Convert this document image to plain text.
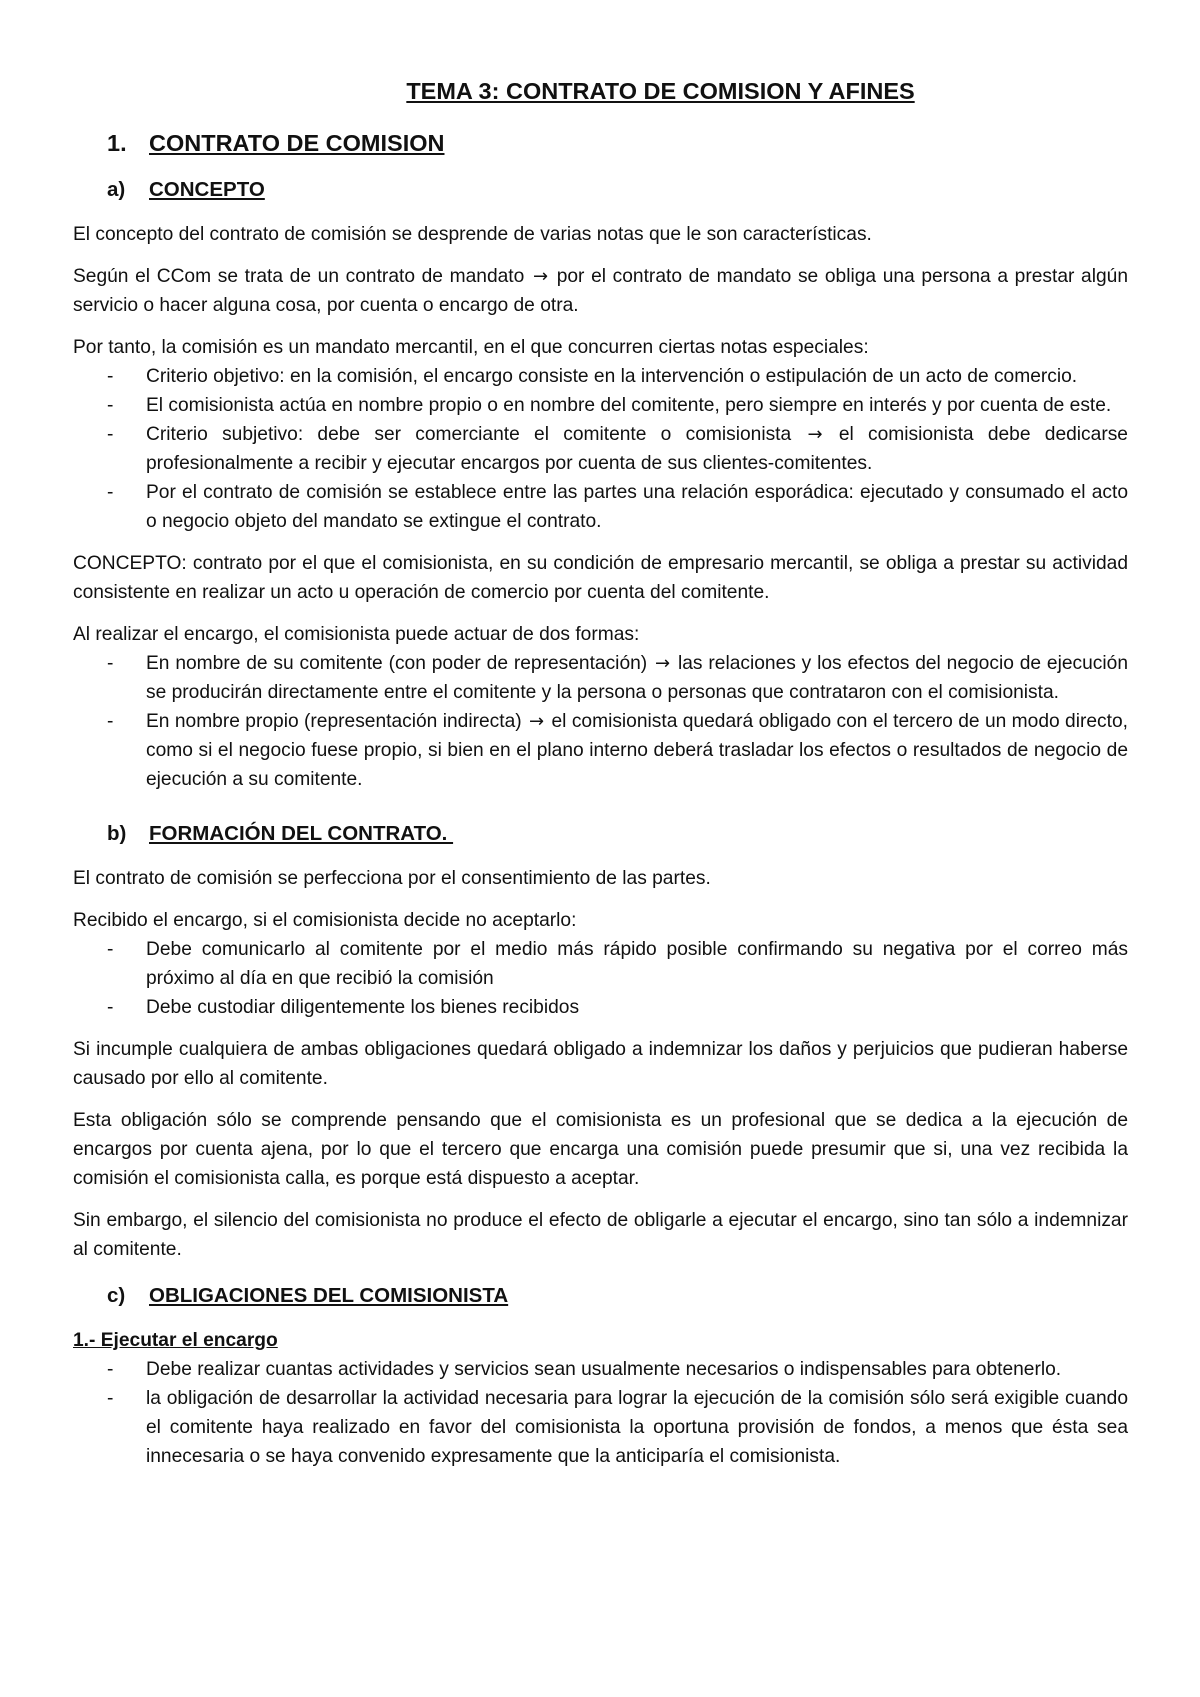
TEMA 3: CONTRATO DE COMISION Y AFINES
1. CONTRATO DE COMISION
a)	CONCEPTO

El concepto del contrato de comisión se desprende de varias notas que le son características.

Según el CCom se trata de un contrato de mandato → por el contrato de mandato se obliga una persona a prestar algún servicio o hacer alguna cosa, por cuenta o encargo de otra.

Por tanto, la comisión es un mandato mercantil, en el que concurren ciertas notas especiales:

- Criterio objetivo: en la comisión, el encargo consiste en la intervención o estipulación de un acto de comercio.
- El comisionista actúa en nombre propio o en nombre del comitente, pero siempre en interés y por cuenta de este.
- Criterio subjetivo: debe ser comerciante el comitente o comisionista → el comisionista debe dedicarse profesionalmente a recibir y ejecutar encargos por cuenta de sus clientes-comitentes.
- Por el contrato de comisión se establece entre las partes una relación esporádica: ejecutado y consumado el acto o negocio objeto del mandato se extingue el contrato.

CONCEPTO: contrato por el que el comisionista, en su condición de empresario mercantil, se obliga a prestar su actividad consistente en realizar un acto u operación de comercio por cuenta del comitente.

Al realizar el encargo, el comisionista puede actuar de dos formas:

- En nombre de su comitente (con poder de representación) → las relaciones y los efectos del negocio de ejecución se producirán directamente entre el comitente y la persona o personas que contrataron con el comisionista.
- En nombre propio (representación indirecta) → el comisionista quedará obligado con el tercero de un modo directo, como si el negocio fuese propio, si bien en el plano interno deberá trasladar los efectos o resultados de negocio de ejecución a su comitente.
b)	FORMACIÓN DEL CONTRATO.

El contrato de comisión se perfecciona por el consentimiento de las partes.

Recibido el encargo, si el comisionista decide no aceptarlo:

- Debe comunicarlo al comitente por el medio más rápido posible confirmando su negativa por el correo más próximo al día en que recibió la comisión
- Debe custodiar diligentemente los bienes recibidos

Si incumple cualquiera de ambas obligaciones quedará obligado a indemnizar los daños y perjuicios que pudieran haberse causado por ello al comitente.

Esta obligación sólo se comprende pensando que el comisionista es un profesional que se dedica a la ejecución de encargos por cuenta ajena, por lo que el tercero que encarga una comisión puede presumir que si, una vez recibida la comisión el comisionista calla, es porque está dispuesto a aceptar.

Sin embargo, el silencio del comisionista no produce el efecto de obligarle a ejecutar el encargo, sino tan sólo a indemnizar al comitente.

c)	OBLIGACIONES DEL COMISIONISTA
1.- Ejecutar el encargo
- Debe realizar cuantas actividades y servicios sean usualmente necesarios o indispensables para obtenerlo.
- la obligación de desarrollar la actividad necesaria para lograr la ejecución de la comisión sólo será exigible cuando el comitente haya realizado en favor del comisionista la oportuna provisión de fondos, a menos que ésta sea innecesaria o se haya convenido expresamente que la anticiparía el comisionista.
